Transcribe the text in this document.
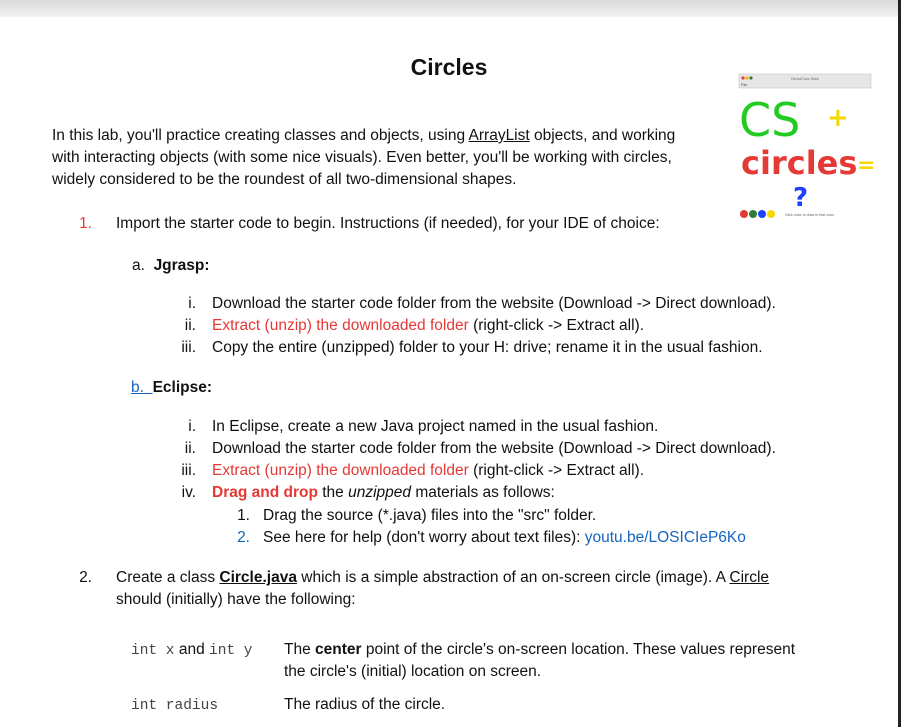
Circles
In this lab, you'll practice creating classes and objects, using ArrayList objects, and working
with interacting objects (with some nice visuals). Even better, you'll be working with circles,
widely considered to be the roundest of all two-dimensional shapes.
Demo/Color Draw
File
CS +
circles =
?
Click color to draw in that color
1. Import the starter code to begin. Instructions (if needed), for your IDE of choice:
a. Jgrasp:
i. Download the starter code folder from the website (Download -> Direct download).
ii. Extract (unzip) the downloaded folder (right-click -> Extract all).
iii. Copy the entire (unzipped) folder to your H: drive; rename it in the usual fashion.
b. Eclipse:
i. In Eclipse, create a new Java project named in the usual fashion.
ii. Download the starter code folder from the website (Download -> Direct download).
iii. Extract (unzip) the downloaded folder (right-click -> Extract all).
iv. Drag and drop the unzipped materials as follows:
1. Drag the source (*.java) files into the "src" folder.
2. See here for help (don't worry about text files): youtu.be/LOSICIeP6Ko
2. Create a class Circle.java which is a simple abstraction of an on-screen circle (image). A Circle
should (initially) have the following:
int x and int y The center point of the circle's on-screen location. These values represent
the circle's (initial) location on screen.
int radius	The radius of the circle.
